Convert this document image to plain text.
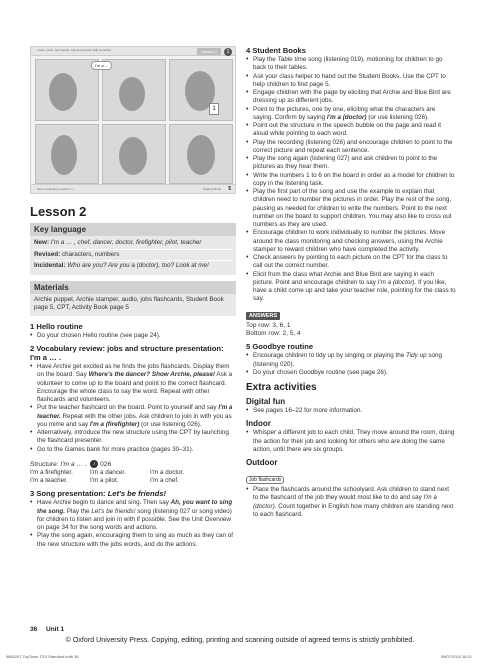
Listen, point, and repeat. Ask and answer with a partner.	Lesson 2	1
I'm a ...
1
New vocabulary Lesson 2 • ...	Student Book 5
Lesson 2
Key language
New: I'm a … , chef, dancer, doctor, firefighter, pilot, teacher
Revised: characters, numbers
Incidental: Who are you? Are you a (doctor), too? Look at me!
Materials
Archie puppet, Archie stamper, audio, jobs flashcards, Student Book page 5, CPT, Activity Book page 5
1 Hello routine
• Do your chosen Hello routine (see page 24).
2 Vocabulary review: jobs and structure presentation: I'm a … .
• Have Archie get excited as he finds the jobs flashcards. Display them on the board. Say Where's the dancer? Show Archie, please! Ask a volunteer to come up to the board and point to the correct flashcard. Encourage the whole class to say the word. Repeat with other flashcards and volunteers.
• Put the teacher flashcard on the board. Point to yourself and say I'm a teacher. Repeat with the other jobs. Ask children to join in with you as you mime and say I'm a (firefighter) (or use listening 026).
• Alternatively, introduce the new structure using the CPT by launching the flashcard presenter.
• Go to the Games bank for more practice (pages 30–31).
Structure: I'm a … . ♪ 026
I'm a firefighter.	I'm a dancer.	I'm a doctor.
I'm a teacher.	I'm a pilot.	I'm a chef.
3 Song presentation: Let's be friends!
• Have Archie begin to dance and sing. Then say Ah, you want to sing the song. Play the Let's be friends! song (listening 027 or song video) for children to listen and join in with if possible. See the Unit Overview on page 34 for the song words and actions.
• Play the song again, encouraging them to sing as much as they can of the new structure with the jobs words, and do the actions.
4 Student Books
• Play the Table time song (listening 019), motioning for children to go back to their tables.
• Ask your class helper to hand out the Student Books. Use the CPT to help children to find page 5.
• Engage children with the page by eliciting that Archie and Blue Bird are dressing up as different jobs.
• Point to the pictures, one by one, eliciting what the characters are saying. Confirm by saying I'm a (doctor) (or use listening 026).
• Point out the structure in the speech bubble on the page and read it aloud while pointing to each word.
• Play the recording (listening 026) and encourage children to point to the correct picture and repeat each sentence.
• Play the song again (listening 027) and ask children to point to the pictures as they hear them.
• Write the numbers 1 to 6 on the board in order as a model for children to copy in the listening task.
• Play the first part of the song and use the example to explain that children need to number the pictures in order. Play the rest of the song, pausing as needed for children to write the numbers. Point to the next number on the board to support children. You may also like to cross out numbers as they are used.
• Encourage children to work individually to number the pictures. Move around the class monitoring and checking answers, using the Archie stamper to reward children who have completed the activity.
• Check answers by pointing to each picture on the CPT for the class to call out the correct number.
• Elicit from the class what Archie and Blue Bird are saying in each picture. Point and encourage children to say I'm a (doctor). If you like, have a child come up and take your teacher role, pointing for the class to say.
ANSWERS
Top row: 3, 6, 1
Bottom row: 2, 5, 4
5 Goodbye routine
• Encourage children to tidy up by singing or playing the Tidy up song (listening 020).
• Do your chosen Goodbye routine (see page 26).
Extra activities
Digital fun
• See pages 16–22 for more information.
Indoor
• Whisper a different job to each child. They move around the room, doing the action for their job and looking for others who are doing the same action, until there are six groups.
Outdoor
Job flashcards
• Place the flashcards around the schoolyard. Ask children to stand next to the flashcard of the job they would most like to do and say I'm a (doctor). Count together in English how many children are standing next to each flashcard.
36 Unit 1
© Oxford University Press. Copying, editing, printing and scanning outside of agreed terms is strictly prohibited.
4860247 ToyTown TG3 Standard.indb 36	09/07/2024 16:21
